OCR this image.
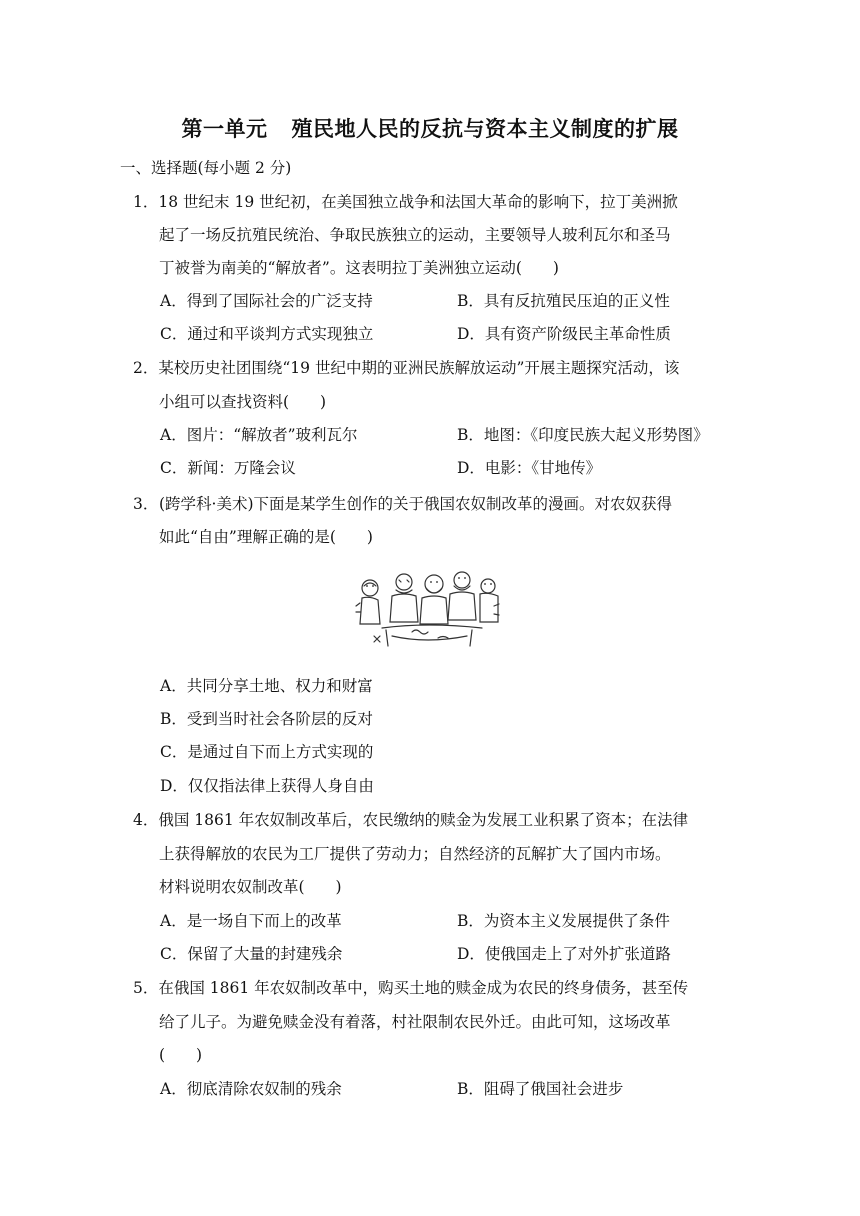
第一单元 殖民地人民的反抗与资本主义制度的扩展
一、选择题(每小题 2 分)
1．18 世纪末 19 世纪初，在美国独立战争和法国大革命的影响下，拉丁美洲掀
起了一场反抗殖民统治、争取民族独立的运动，主要领导人玻利瓦尔和圣马
丁被誉为南美的“解放者”。这表明拉丁美洲独立运动(　　)
A．得到了国际社会的广泛支持	B．具有反抗殖民压迫的正义性
C．通过和平谈判方式实现独立	D．具有资产阶级民主革命性质
2．某校历史社团围绕“19 世纪中期的亚洲民族解放运动”开展主题探究活动，该
小组可以查找资料(　　)
A．图片：“解放者”玻利瓦尔	B．地图：《印度民族大起义形势图》
C．新闻：万隆会议	D．电影：《甘地传》
3．(跨学科·美术)下面是某学生创作的关于俄国农奴制改革的漫画。对农奴获得
如此“自由”理解正确的是(　　)
A．共同分享土地、权力和财富
B．受到当时社会各阶层的反对
C．是通过自下而上方式实现的
D．仅仅指法律上获得人身自由
4．俄国 1861 年农奴制改革后，农民缴纳的赎金为发展工业积累了资本；在法律
上获得解放的农民为工厂提供了劳动力；自然经济的瓦解扩大了国内市场。
材料说明农奴制改革(　　)
A．是一场自下而上的改革	B．为资本主义发展提供了条件
C．保留了大量的封建残余	D．使俄国走上了对外扩张道路
5．在俄国 1861 年农奴制改革中，购买土地的赎金成为农民的终身债务，甚至传
给了儿子。为避免赎金没有着落，村社限制农民外迁。由此可知，这场改革
(　　)
A．彻底清除农奴制的残余	B．阻碍了俄国社会进步
